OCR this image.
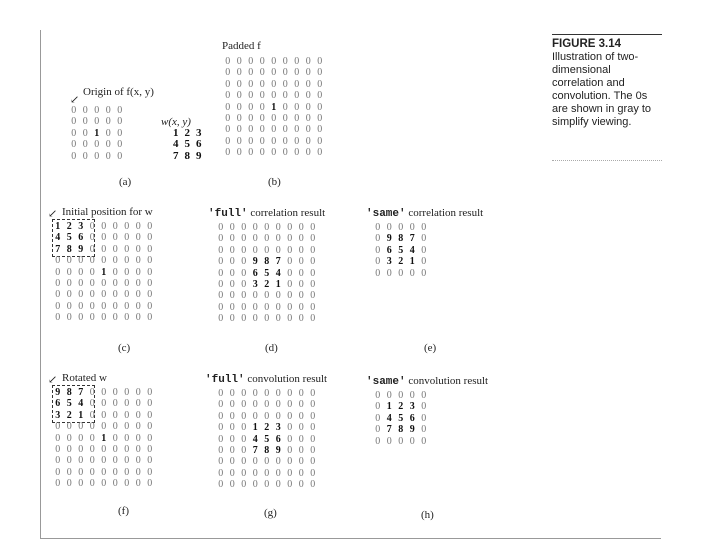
FIGURE 3.14
Illustration of two-dimensional correlation and convolution. The 0s are shown in gray to simplify viewing.
↙
Origin of f(x, y)
0 0 0 0 0
0 0 0 0 0
0 0 1 0 0
0 0 0 0 0
0 0 0 0 0
w(x, y)
1 2 3
4 5 6
7 8 9
(a)
Padded f
0 0 0 0 0 0 0 0 0
0 0 0 0 0 0 0 0 0
0 0 0 0 0 0 0 0 0
0 0 0 0 0 0 0 0 0
0 0 0 0 1 0 0 0 0
0 0 0 0 0 0 0 0 0
0 0 0 0 0 0 0 0 0
0 0 0 0 0 0 0 0 0
0 0 0 0 0 0 0 0 0
(b)
↙ Initial position for w
1 2 3 0 0 0 0 0 0
4 5 6 0 0 0 0 0 0
7 8 9 0 0 0 0 0 0
0 0 0 0 0 0 0 0 0
0 0 0 0 1 0 0 0 0
0 0 0 0 0 0 0 0 0
0 0 0 0 0 0 0 0 0
0 0 0 0 0 0 0 0 0
0 0 0 0 0 0 0 0 0
(c)
'full' correlation result
0 0 0 0 0 0 0 0 0
0 0 0 0 0 0 0 0 0
0 0 0 0 0 0 0 0 0
0 0 0 9 8 7 0 0 0
0 0 0 6 5 4 0 0 0
0 0 0 3 2 1 0 0 0
0 0 0 0 0 0 0 0 0
0 0 0 0 0 0 0 0 0
0 0 0 0 0 0 0 0 0
(d)
'same' correlation result
0 0 0 0 0
0 9 8 7 0
0 6 5 4 0
0 3 2 1 0
0 0 0 0 0
(e)
↙ Rotated w
9 8 7 0 0 0 0 0 0
6 5 4 0 0 0 0 0 0
3 2 1 0 0 0 0 0 0
0 0 0 0 0 0 0 0 0
0 0 0 0 1 0 0 0 0
0 0 0 0 0 0 0 0 0
0 0 0 0 0 0 0 0 0
0 0 0 0 0 0 0 0 0
0 0 0 0 0 0 0 0 0
(f)
'full' convolution result
0 0 0 0 0 0 0 0 0
0 0 0 0 0 0 0 0 0
0 0 0 0 0 0 0 0 0
0 0 0 1 2 3 0 0 0
0 0 0 4 5 6 0 0 0
0 0 0 7 8 9 0 0 0
0 0 0 0 0 0 0 0 0
0 0 0 0 0 0 0 0 0
0 0 0 0 0 0 0 0 0
(g)
'same' convolution result
0 0 0 0 0
0 1 2 3 0
0 4 5 6 0
0 7 8 9 0
0 0 0 0 0
(h)
